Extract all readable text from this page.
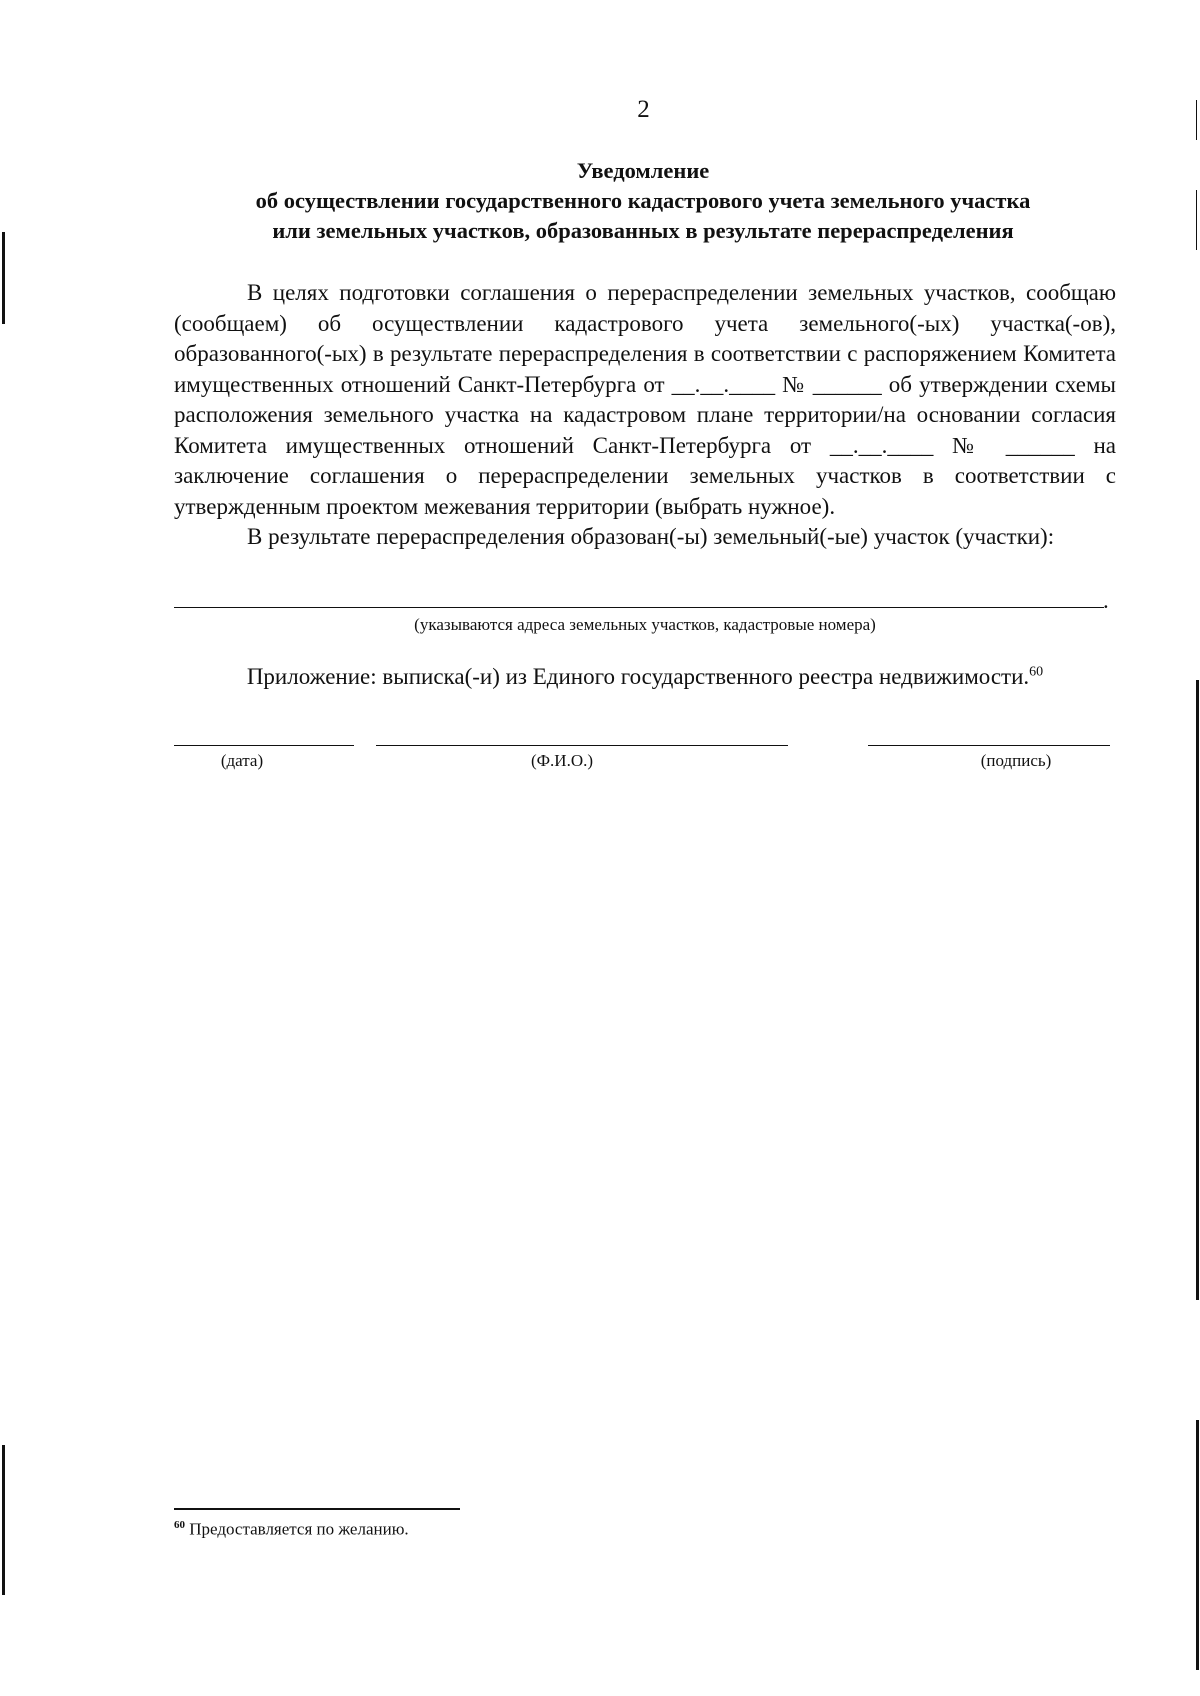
2
Уведомление
об осуществлении государственного кадастрового учета земельного участка
или земельных участков, образованных в результате перераспределения

В целях подготовки соглашения о перераспределении земельных участков, сообщаю (сообщаем) об осуществлении кадастрового учета земельного(-ых) участка(-ов), образованного(-ых) в результате перераспределения в соответствии с распоряжением Комитета имущественных отношений Санкт-Петербурга от __.__.____ № ______ об утверждении схемы расположения земельного участка на кадастровом плане территории/на основании согласия Комитета имущественных отношений Санкт-Петербурга от __.__.____ № ______ на заключение соглашения о перераспределении земельных участков в соответствии с утвержденным проектом межевания территории (выбрать нужное).

В результате перераспределения образован(-ы) земельный(-ые) участок (участки):

.
(указываются адреса земельных участков, кадастровые номера)
Приложение: выписка(-и) из Единого государственного реестра недвижимости.$^{60}$
(дата)	(Ф.И.О.)	(подпись)
$^{60}$ Предоставляется по желанию.
